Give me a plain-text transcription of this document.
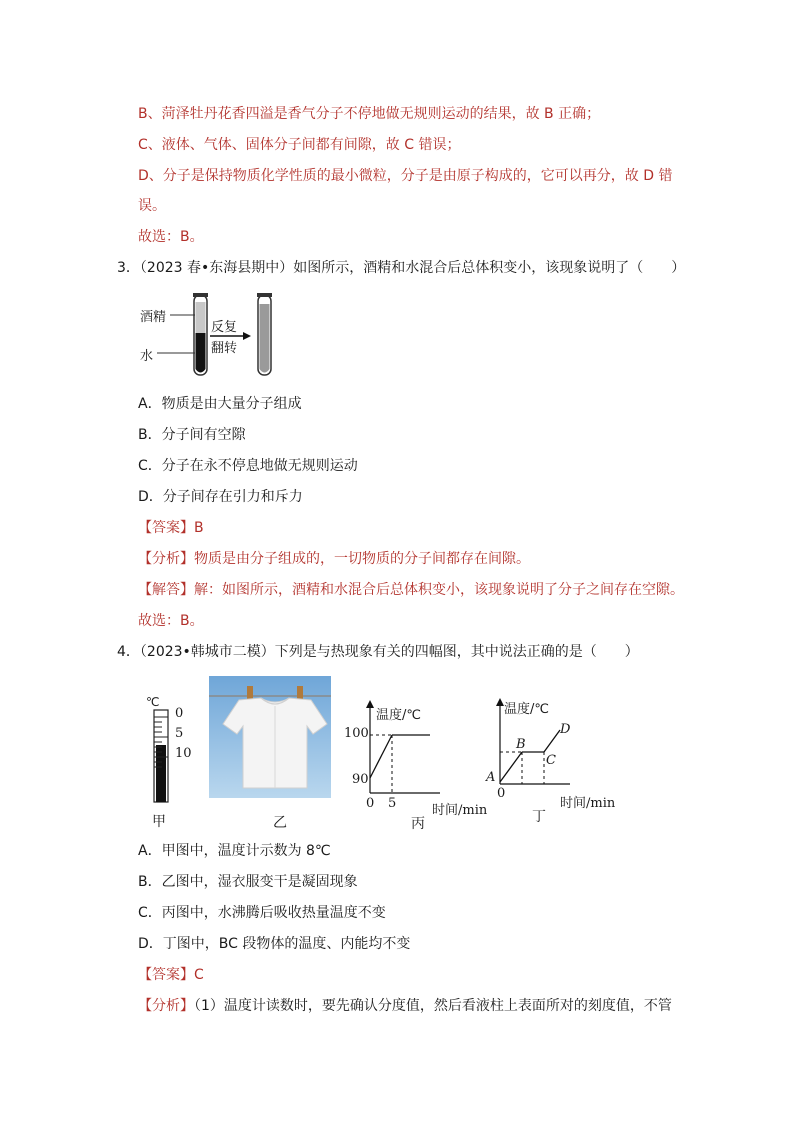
B、菏泽牡丹花香四溢是香气分子不停地做无规则运动的结果，故 B 正确；
C、液体、气体、固体分子间都有间隙，故 C 错误；
D、分子是保持物质化学性质的最小微粒，分子是由原子构成的，它可以再分，故 D 错
误。
故选：B。
3．（2023 春•东海县期中）如图所示，酒精和水混合后总体积变小，该现象说明了（　　）
酒精
水
反复
翻转
A．物质是由大量分子组成
B．分子间有空隙
C．分子在永不停息地做无规则运动
D．分子间存在引力和斥力
【答案】B
【分析】物质是由分子组成的，一切物质的分子间都存在间隙。
【解答】解：如图所示，酒精和水混合后总体积变小，该现象说明了分子之间存在空隙。
故选：B。
4．（2023•韩城市二模）下列是与热现象有关的四幅图，其中说法正确的是（　　）
℃
0
5
10
甲	乙
温度/℃
100
90
0 5	时间/min
丙
温度/℃
A
B
C
D
0
时间/min
丁
A．甲图中，温度计示数为 8℃
B．乙图中，湿衣服变干是凝固现象
C．丙图中，水沸腾后吸收热量温度不变
D．丁图中，BC 段物体的温度、内能均不变
【答案】C
【分析】（1）温度计读数时，要先确认分度值，然后看液柱上表面所对的刻度值，不管
